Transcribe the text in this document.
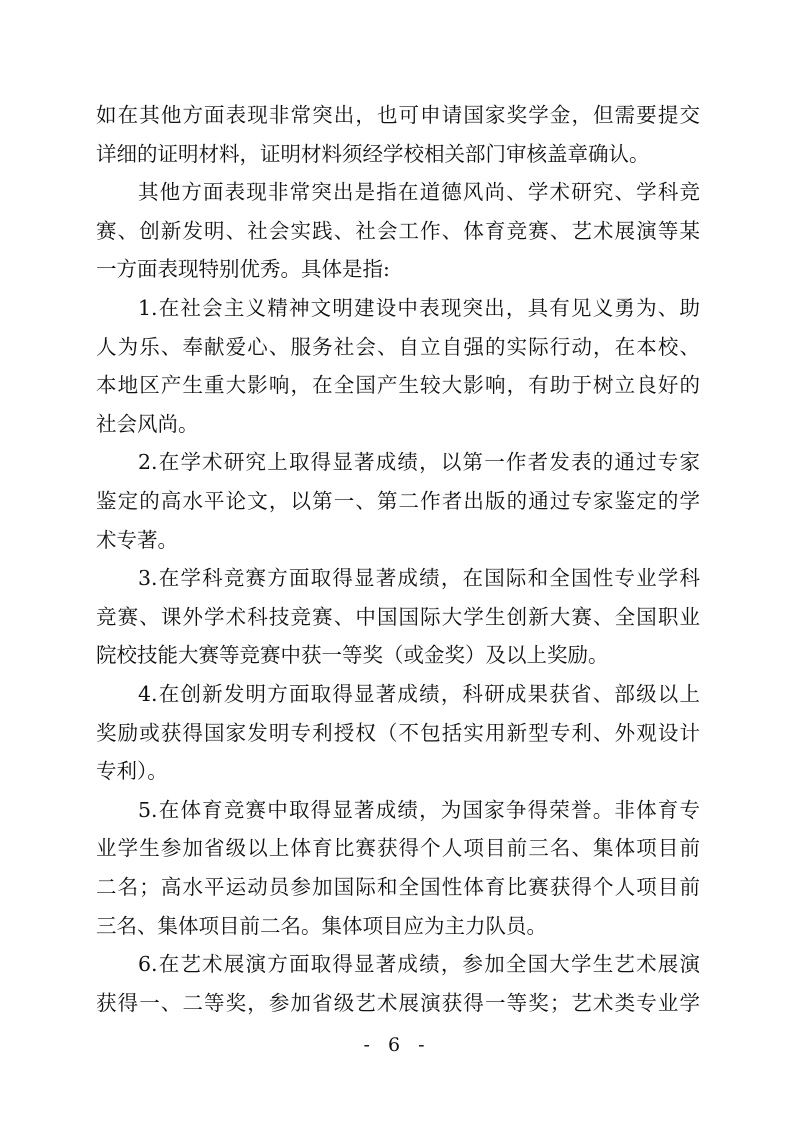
如在其他方面表现非常突出，也可申请国家奖学金，但需要提交
详细的证明材料，证明材料须经学校相关部门审核盖章确认。
其他方面表现非常突出是指在道德风尚、学术研究、学科竞
赛、创新发明、社会实践、社会工作、体育竞赛、艺术展演等某
一方面表现特别优秀。具体是指:
1.在社会主义精神文明建设中表现突出，具有见义勇为、助
人为乐、奉献爱心、服务社会、自立自强的实际行动，在本校、
本地区产生重大影响，在全国产生较大影响，有助于树立良好的
社会风尚。
2.在学术研究上取得显著成绩，以第一作者发表的通过专家
鉴定的高水平论文，以第一、第二作者出版的通过专家鉴定的学
术专著。
3.在学科竞赛方面取得显著成绩，在国际和全国性专业学科
竞赛、课外学术科技竞赛、中国国际大学生创新大赛、全国职业
院校技能大赛等竞赛中获一等奖（或金奖）及以上奖励。
4.在创新发明方面取得显著成绩，科研成果获省、部级以上
奖励或获得国家发明专利授权（不包括实用新型专利、外观设计
专利）。
5.在体育竞赛中取得显著成绩，为国家争得荣誉。非体育专
业学生参加省级以上体育比赛获得个人项目前三名、集体项目前
二名；高水平运动员参加国际和全国性体育比赛获得个人项目前
三名、集体项目前二名。集体项目应为主力队员。
6.在艺术展演方面取得显著成绩，参加全国大学生艺术展演
获得一、二等奖，参加省级艺术展演获得一等奖；艺术类专业学
- 6 -
